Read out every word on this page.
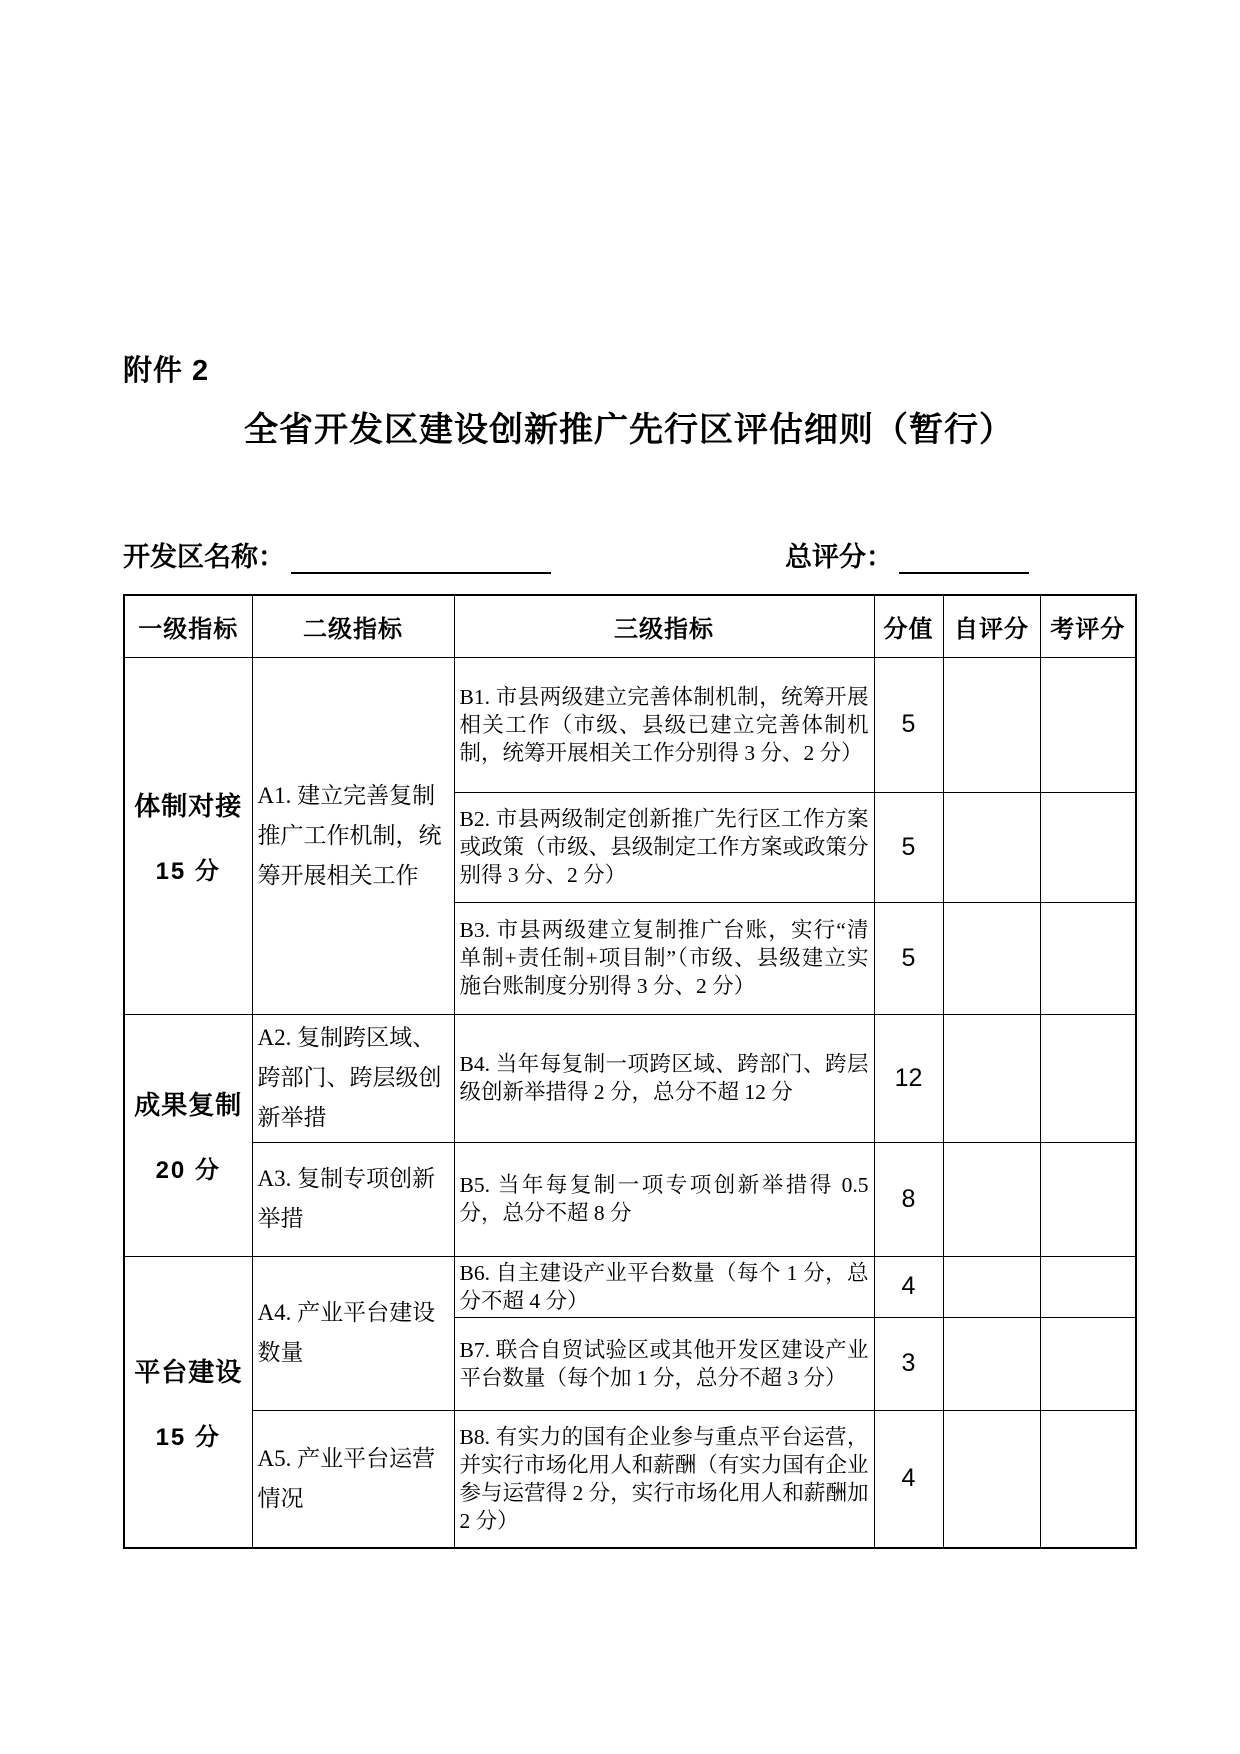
附件 2
全省开发区建设创新推广先行区评估细则（暂行）
开发区名称：	总评分：
一级指标	二级指标	三级指标	分值	自评分	考评分

体制对接
15 分	A1. 建立完善复制推广工作机制，统筹开展相关工作	B1. 市县两级建立完善体制机制，统筹开展相关工作（市级、县级已建立完善体制机制，统筹开展相关工作分别得 3 分、2 分）	5		
		B2. 市县两级制定创新推广先行区工作方案或政策（市级、县级制定工作方案或政策分别得 3 分、2 分）	5		
		B3. 市县两级建立复制推广台账，实行“清单制+责任制+项目制”（市级、县级建立实施台账制度分别得 3 分、2 分）	5		

成果复制
20 分	A2. 复制跨区域、跨部门、跨层级创新举措	B4. 当年每复制一项跨区域、跨部门、跨层级创新举措得 2 分，总分不超 12 分	12		
	A3. 复制专项创新举措	B5. 当年每复制一项专项创新举措得 0.5 分，总分不超 8 分	8		

平台建设
15 分	A4. 产业平台建设数量	B6. 自主建设产业平台数量（每个 1 分，总分不超 4 分）	4		
		B7. 联合自贸试验区或其他开发区建设产业平台数量（每个加 1 分，总分不超 3 分）	3		
	A5. 产业平台运营情况	B8. 有实力的国有企业参与重点平台运营，并实行市场化用人和薪酬（有实力国有企业参与运营得 2 分，实行市场化用人和薪酬加 2 分）	4		
